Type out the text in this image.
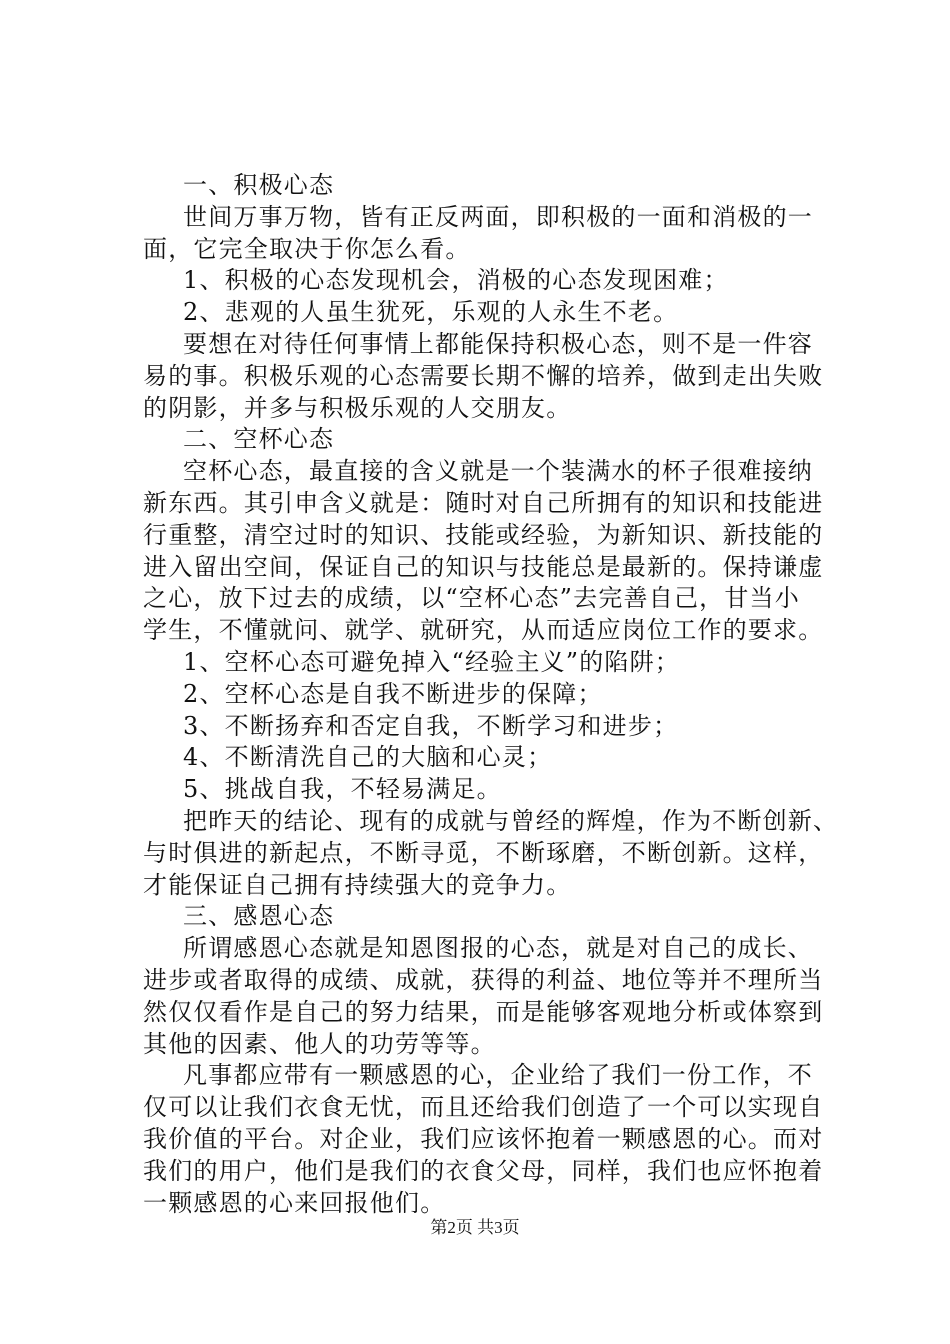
一、积极心态
世间万事万物，皆有正反两面，即积极的一面和消极的一
面，它完全取决于你怎么看。
1、积极的心态发现机会，消极的心态发现困难；
2、悲观的人虽生犹死，乐观的人永生不老。
要想在对待任何事情上都能保持积极心态，则不是一件容
易的事。积极乐观的心态需要长期不懈的培养，做到走出失败
的阴影，并多与积极乐观的人交朋友。
二、空杯心态
空杯心态，最直接的含义就是一个装满水的杯子很难接纳
新东西。其引申含义就是：随时对自己所拥有的知识和技能进
行重整，清空过时的知识、技能或经验，为新知识、新技能的
进入留出空间，保证自己的知识与技能总是最新的。保持谦虚
之心，放下过去的成绩，以“空杯心态”去完善自己，甘当小
学生，不懂就问、就学、就研究，从而适应岗位工作的要求。
1、空杯心态可避免掉入“经验主义”的陷阱；
2、空杯心态是自我不断进步的保障；
3、不断扬弃和否定自我，不断学习和进步；
4、不断清洗自己的大脑和心灵；
5、挑战自我，不轻易满足。
把昨天的结论、现有的成就与曾经的辉煌，作为不断创新、
与时俱进的新起点，不断寻觅，不断琢磨，不断创新。这样，
才能保证自己拥有持续强大的竞争力。
三、感恩心态
所谓感恩心态就是知恩图报的心态，就是对自己的成长、
进步或者取得的成绩、成就，获得的利益、地位等并不理所当
然仅仅看作是自己的努力结果，而是能够客观地分析或体察到
其他的因素、他人的功劳等等。
凡事都应带有一颗感恩的心，企业给了我们一份工作，不
仅可以让我们衣食无忧，而且还给我们创造了一个可以实现自
我价值的平台。对企业，我们应该怀抱着一颗感恩的心。而对
我们的用户，他们是我们的衣食父母，同样，我们也应怀抱着
一颗感恩的心来回报他们。
第2页 共3页
